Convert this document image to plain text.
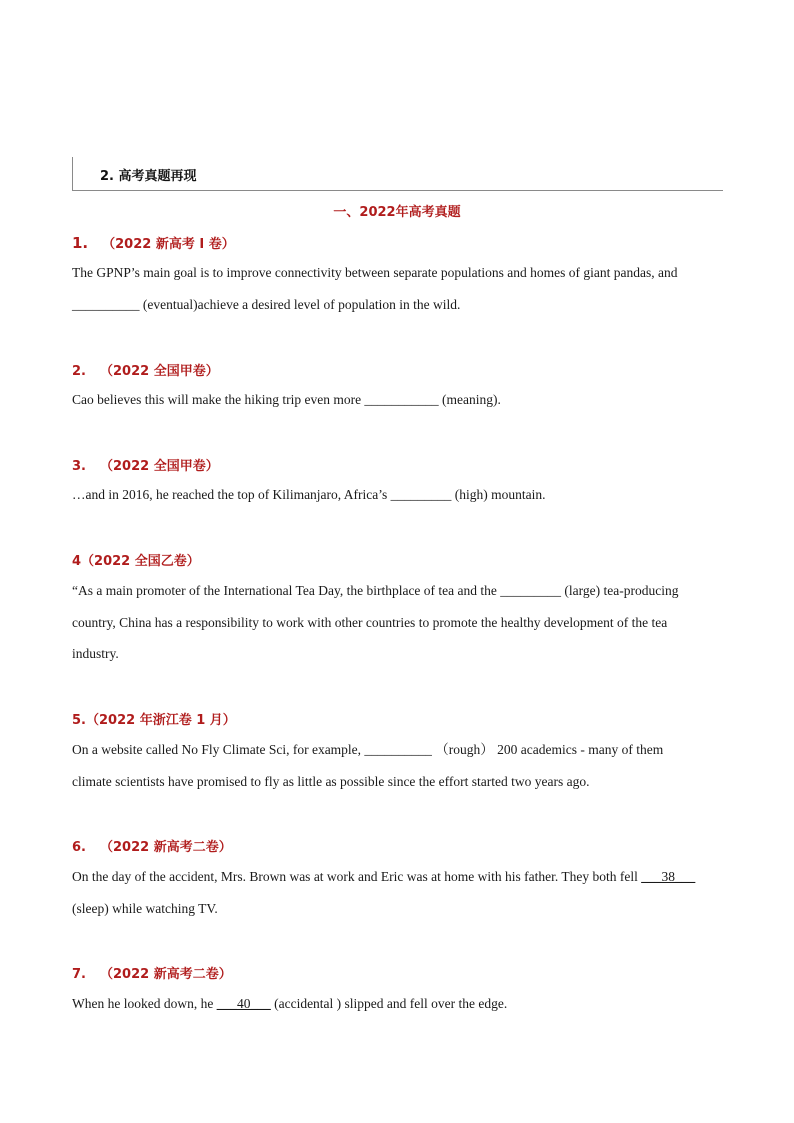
2. 高考真题再现
一、2022年高考真题
1. （2022 新高考 I 卷）
The GPNP’s main goal is to improve connectivity between separate populations and homes of giant pandas, and
__________ (eventual)achieve a desired level of population in the wild.
2. （2022 全国甲卷）
Cao believes this will make the hiking trip even more ___________ (meaning).
3. （2022 全国甲卷）
…and in 2016, he reached the top of Kilimanjaro, Africa’s _________ (high) mountain.
4（2022 全国乙卷）
“As a main promoter of the International Tea Day, the birthplace of tea and the _________ (large) tea-producing
country, China has a responsibility to work with other countries to promote the healthy development of the tea
industry.
5.（2022 年浙江卷 1 月）
On a website called No Fly Climate Sci, for example, __________ （rough） 200 academics - many of them
climate scientists have promised to fly as little as possible since the effort started two years ago.
6. （2022 新高考二卷）
On the day of the accident, Mrs. Brown was at work and Eric was at home with his father. They both fell ___38___
(sleep) while watching TV.
7. （2022 新高考二卷）
When he looked down, he ___40___ (accidental ) slipped and fell over the edge.
